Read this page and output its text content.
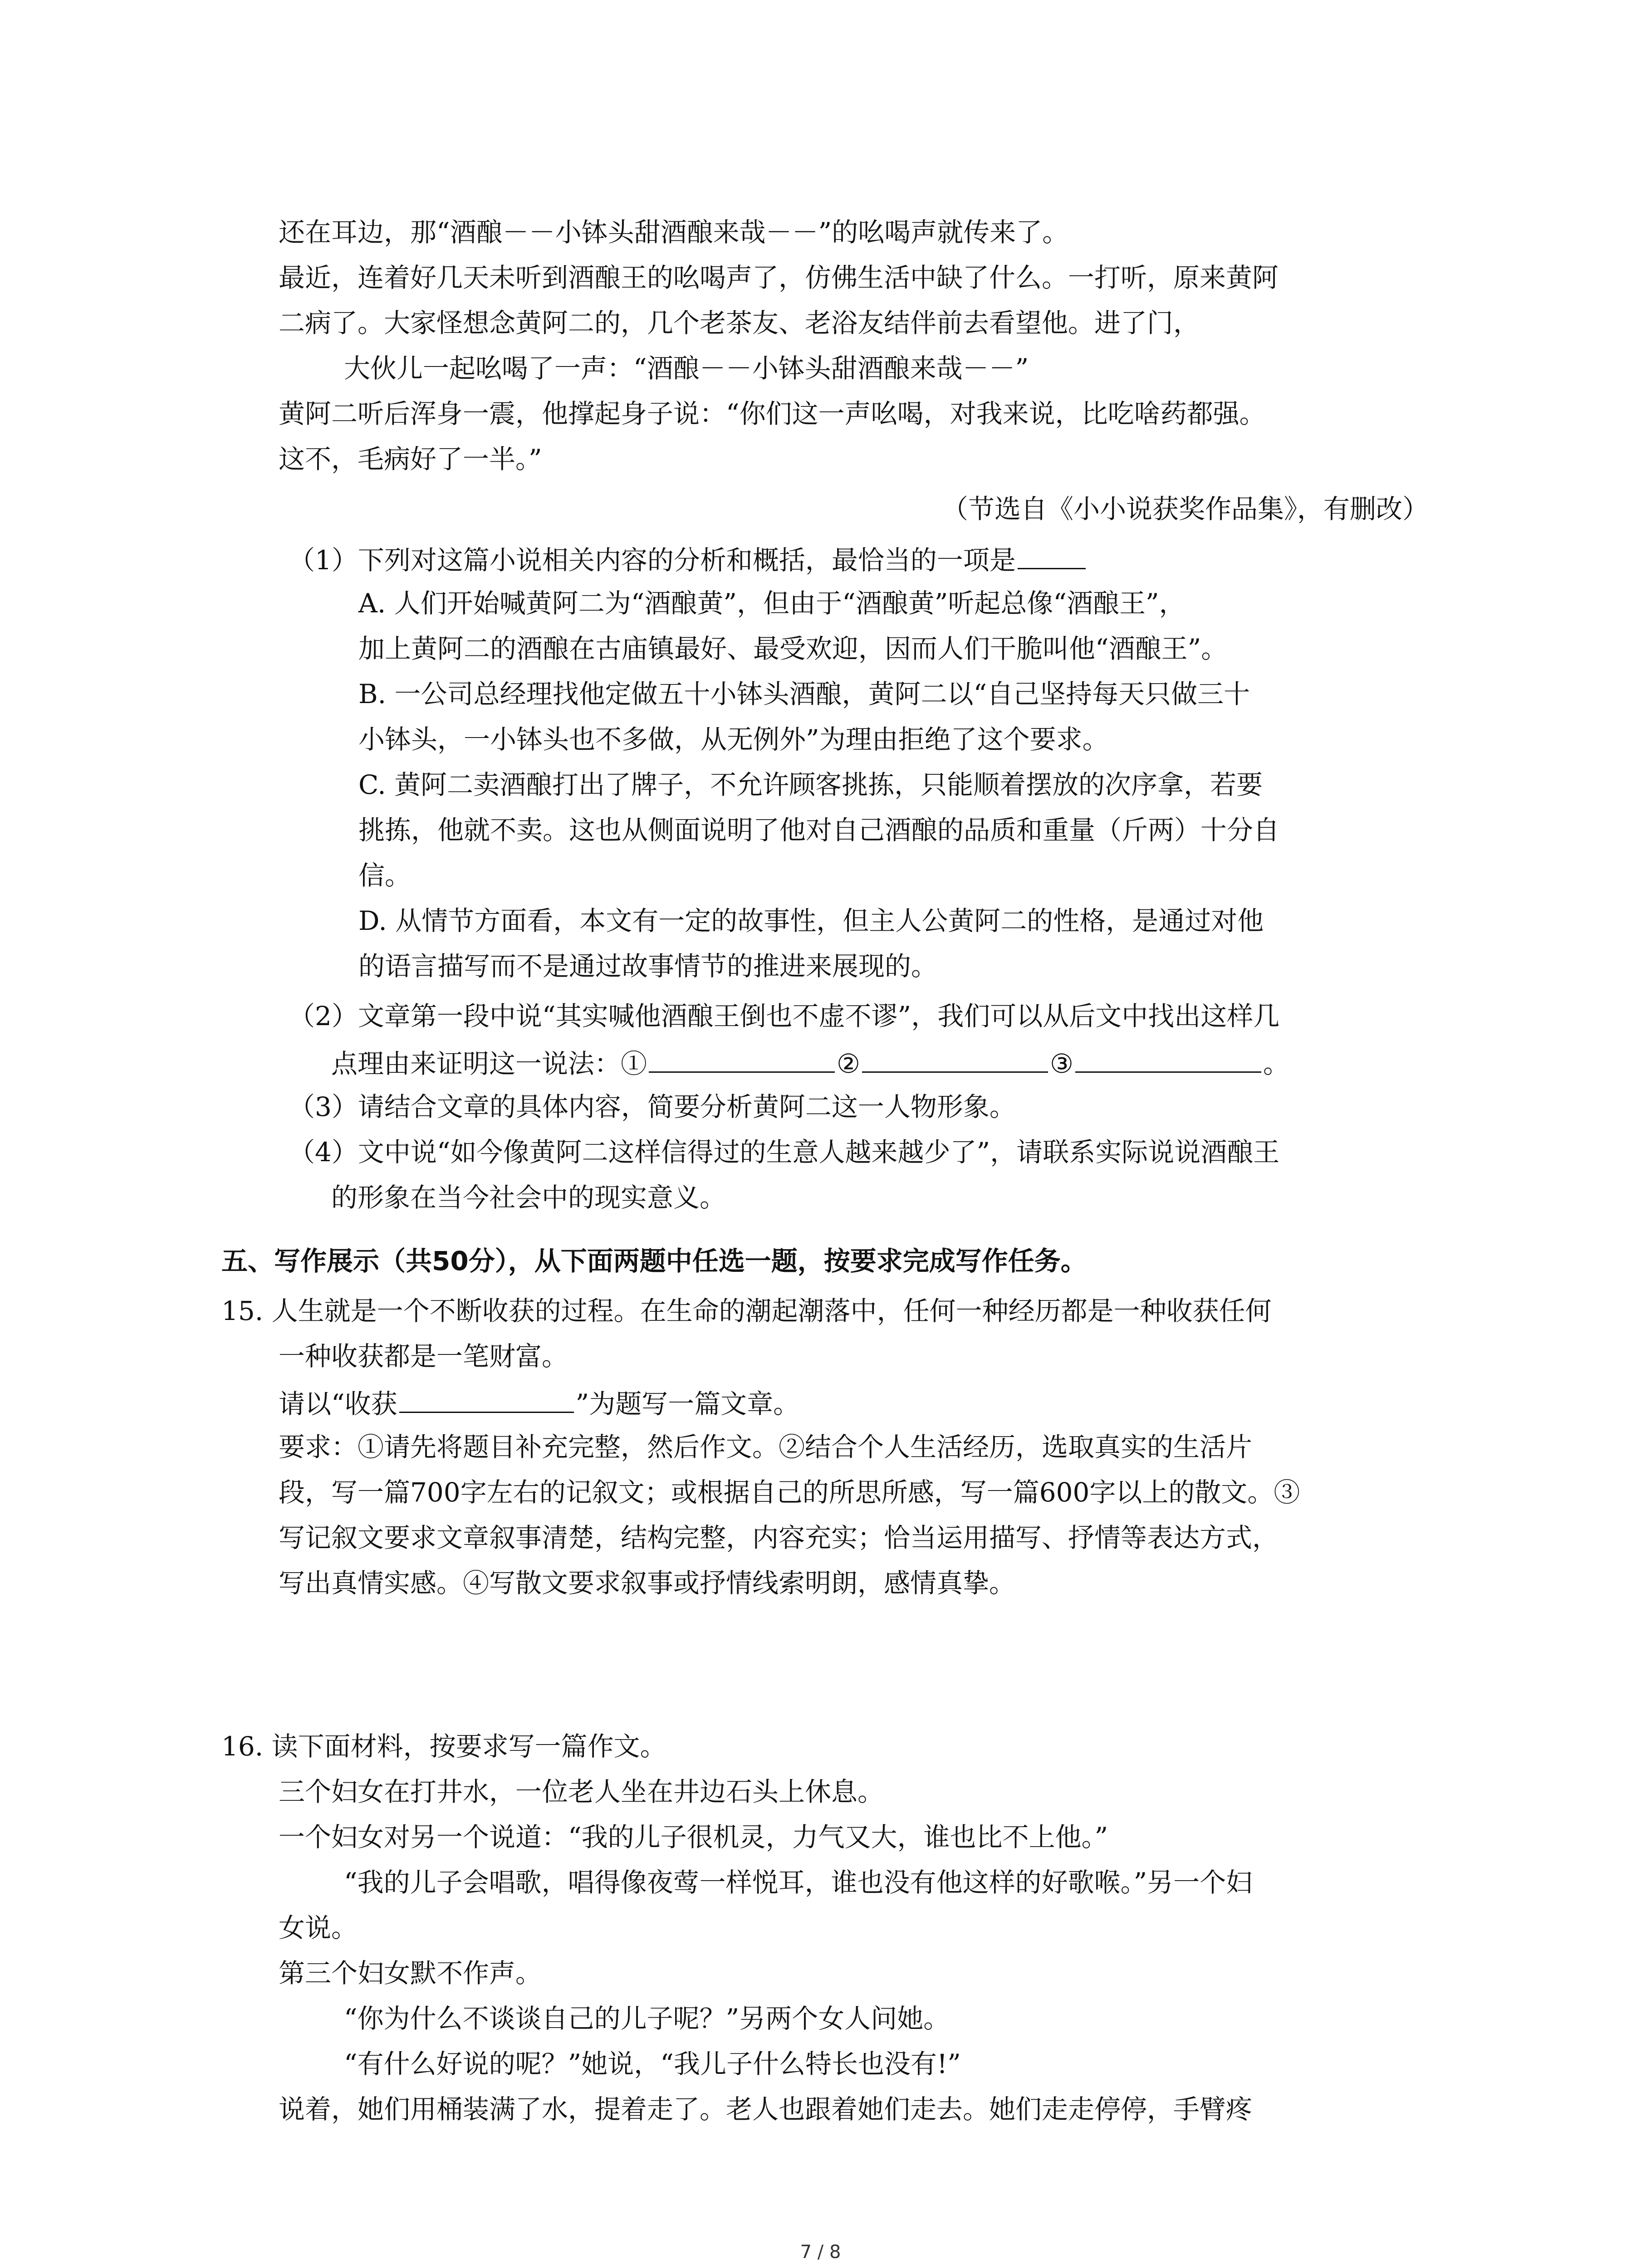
还在耳边，那“酒酿－－小钵头甜酒酿来哉－－”的吆喝声就传来了。

最近，连着好几天未听到酒酿王的吆喝声了，仿佛生活中缺了什么。一打听，原来黄阿

二病了。大家怪想念黄阿二的，几个老茶友、老浴友结伴前去看望他。进了门，

大伙儿一起吆喝了一声：“酒酿－－小钵头甜酒酿来哉－－”

黄阿二听后浑身一震，他撑起身子说：“你们这一声吆喝，对我来说，比吃啥药都强。

这不，毛病好了一半。”

（节选自《小小说获奖作品集》，有删改）

（1）下列对这篇小说相关内容的分析和概括，最恰当的一项是

A. 人们开始喊黄阿二为“酒酿黄”，但由于“酒酿黄”听起总像“酒酿王”，

加上黄阿二的酒酿在古庙镇最好、最受欢迎，因而人们干脆叫他“酒酿王”。

B. 一公司总经理找他定做五十小钵头酒酿，黄阿二以“自己坚持每天只做三十

小钵头，一小钵头也不多做，从无例外”为理由拒绝了这个要求。

C. 黄阿二卖酒酿打出了牌子，不允许顾客挑拣，只能顺着摆放的次序拿，若要

挑拣，他就不卖。这也从侧面说明了他对自己酒酿的品质和重量（斤两）十分自

信。

D. 从情节方面看，本文有一定的故事性，但主人公黄阿二的性格，是通过对他

的语言描写而不是通过故事情节的推进来展现的。

（2）文章第一段中说“其实喊他酒酿王倒也不虚不谬”，我们可以从后文中找出这样几

点理由来证明这一说法：①	②	③	。

（3）请结合文章的具体内容，简要分析黄阿二这一人物形象。

（4）文中说“如今像黄阿二这样信得过的生意人越来越少了”，请联系实际说说酒酿王

的形象在当今社会中的现实意义。

五、写作展示（共50分），从下面两题中任选一题，按要求完成写作任务。

15. 人生就是一个不断收获的过程。在生命的潮起潮落中，任何一种经历都是一种收获任何

一种收获都是一笔财富。

请以“收获	”为题写一篇文章。

要求：①请先将题目补充完整，然后作文。②结合个人生活经历，选取真实的生活片

段，写一篇700字左右的记叙文；或根据自己的所思所感，写一篇600字以上的散文。③

写记叙文要求文章叙事清楚，结构完整，内容充实；恰当运用描写、抒情等表达方式，

写出真情实感。④写散文要求叙事或抒情线索明朗，感情真挚。

16. 读下面材料，按要求写一篇作文。

三个妇女在打井水，一位老人坐在井边石头上休息。

一个妇女对另一个说道：“我的儿子很机灵，力气又大，谁也比不上他。”

“我的儿子会唱歌，唱得像夜莺一样悦耳，谁也没有他这样的好歌喉。”另一个妇

女说。

第三个妇女默不作声。

“你为什么不谈谈自己的儿子呢？”另两个女人问她。

“有什么好说的呢？”她说，“我儿子什么特长也没有!”

说着，她们用桶装满了水，提着走了。老人也跟着她们走去。她们走走停停，手臂疼

7 / 8
